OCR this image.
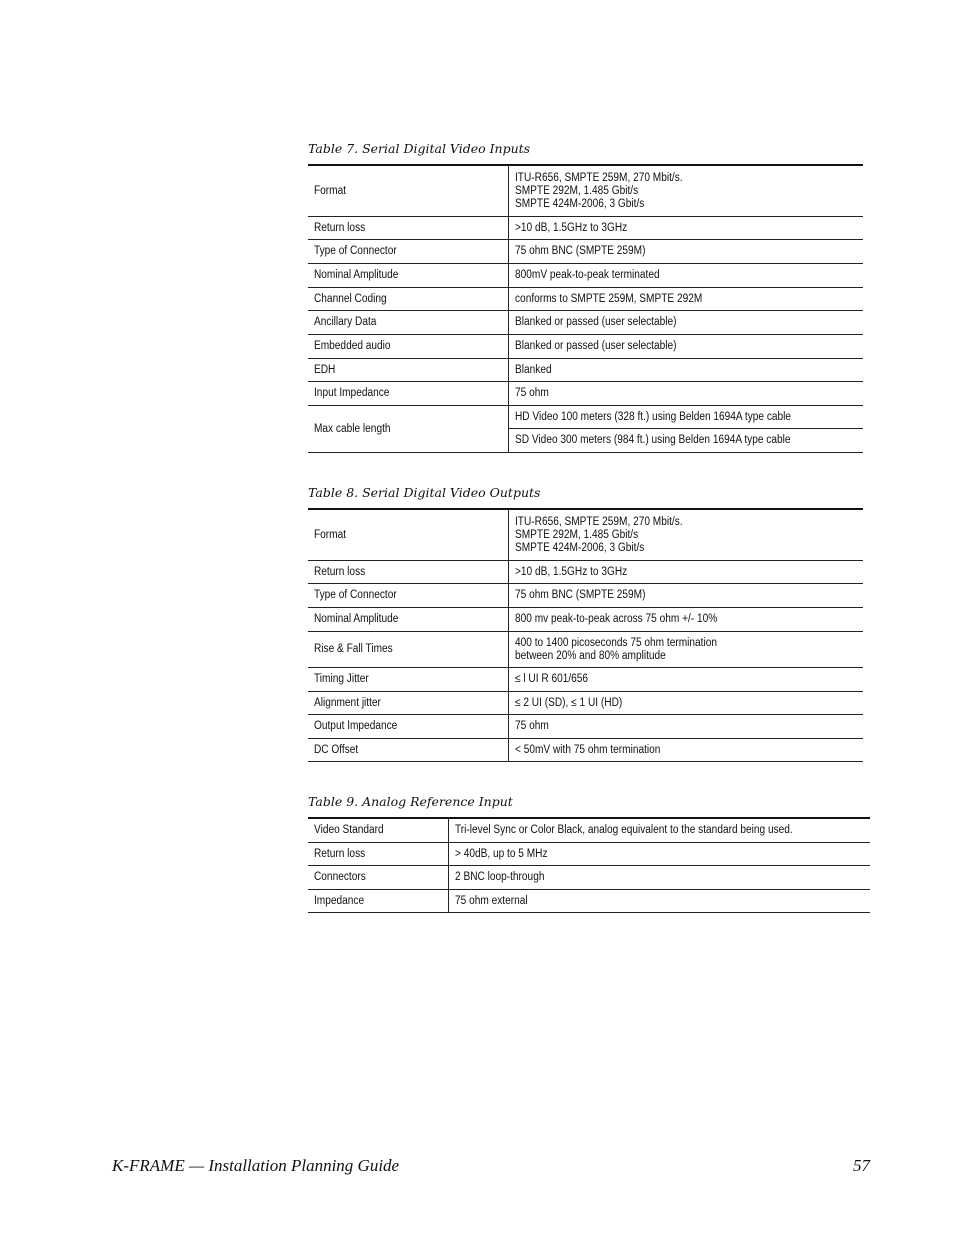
Table 7. Serial Digital Video Inputs
Format	ITU-R656, SMPTE 259M, 270 Mbit/s.
SMPTE 292M, 1.485 Gbit/s
SMPTE 424M-2006, 3 Gbit/s
Return loss	>10 dB, 1.5GHz to 3GHz
Type of Connector	75 ohm BNC (SMPTE 259M)
Nominal Amplitude	800mV peak-to-peak terminated
Channel Coding	conforms to SMPTE 259M, SMPTE 292M
Ancillary Data	Blanked or passed (user selectable)
Embedded audio	Blanked or passed (user selectable)
EDH	Blanked
Input Impedance	75 ohm
Max cable length	HD Video 100 meters (328 ft.) using Belden 1694A type cable
	SD Video 300 meters (984 ft.) using Belden 1694A type cable
Table 8. Serial Digital Video Outputs
Format	ITU-R656, SMPTE 259M, 270 Mbit/s.
SMPTE 292M, 1.485 Gbit/s
SMPTE 424M-2006, 3 Gbit/s
Return loss	>10 dB, 1.5GHz to 3GHz
Type of Connector	75 ohm BNC (SMPTE 259M)
Nominal Amplitude	800 mv peak-to-peak across 75 ohm +/- 10%
Rise & Fall Times	400 to 1400 picoseconds 75 ohm termination
between 20% and 80% amplitude
Timing Jitter	≤ l UI R 601/656
Alignment jitter	≤ 2 UI (SD), ≤ 1 UI (HD)
Output Impedance	75 ohm
DC Offset	< 50mV with 75 ohm termination
Table 9. Analog Reference Input
Video Standard	Tri-level Sync or Color Black, analog equivalent to the standard being used.
Return loss	> 40dB, up to 5 MHz
Connectors	2 BNC loop-through
Impedance	75 ohm external
K-FRAME — Installation Planning Guide	57
